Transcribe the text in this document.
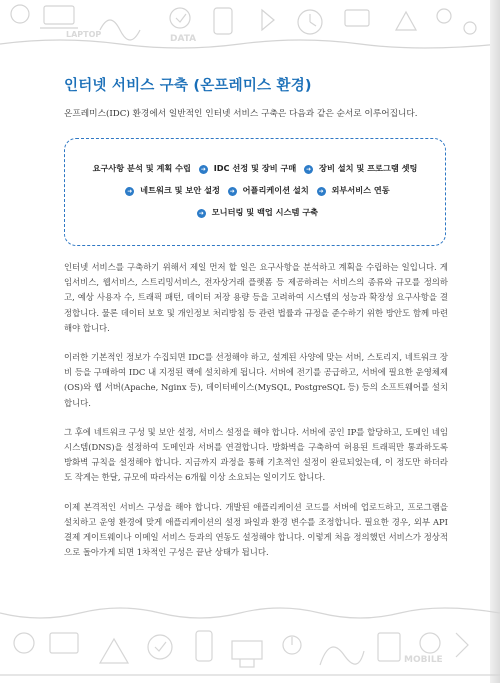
LAPTOP	DATA
인터넷 서비스 구축 (온프레미스 환경)

온프레미스(IDC) 환경에서 일반적인 인터넷 서비스 구축은 다음과 같은 순서로 이루어집니다.

요구사항 분석 및 계획 수립 ➜ IDC 선정 및 장비 구매 ➜ 장비 설치 및 프로그램 셋팅
➜ 네트워크 및 보안 설정 ➜ 어플리케이션 설치 ➜ 외부서비스 연동
➜ 모니터링 및 백업 시스템 구축

인터넷 서비스를 구축하기 위해서 제일 먼저 할 일은 요구사항을 분석하고 계획을 수립하는 일입니다. 게임서비스, 웹서비스, 스트리밍서비스, 전자상거래 플랫폼 등 제공하려는 서비스의 종류와 규모를 정의하고, 예상 사용자 수, 트래픽 패턴, 데이터 저장 용량 등을 고려하여 시스템의 성능과 확장성 요구사항을 결정합니다. 물론 데이터 보호 및 개인정보 처리방침 등 관련 법률과 규정을 준수하기 위한 방안도 함께 마련해야 합니다.

이러한 기본적인 정보가 수집되면 IDC를 선정해야 하고, 설계된 사양에 맞는 서버, 스토리지, 네트워크 장비 등을 구매하여 IDC 내 지정된 랙에 설치하게 됩니다. 서버에 전기를 공급하고, 서버에 필요한 운영체제(OS)와 웹 서버(Apache, Nginx 등), 데이터베이스(MySQL, PostgreSQL 등) 등의 소프트웨어를 설치합니다.

그 후에 네트워크 구성 및 보안 설정, 서비스 설정을 해야 합니다. 서버에 공인 IP를 할당하고, 도메인 네임 시스템(DNS)을 설정하여 도메인과 서버를 연결합니다. 방화벽을 구축하여 허용된 트래픽만 통과하도록 방화벽 규칙을 설정해야 합니다. 지금까지 과정을 통해 기초적인 설정이 완료되었는데, 이 정도만 하더라도 작게는 한달, 규모에 따라서는 6개월 이상 소요되는 일이기도 합니다.

이제 본격적인 서비스 구성을 해야 합니다. 개발된 애플리케이션 코드를 서버에 업로드하고, 프로그램을 설치하고 운영 환경에 맞게 애플리케이션의 설정 파일과 환경 변수를 조정합니다. 필요한 경우, 외부 API 결제 게이트웨이나 이메일 서비스 등과의 연동도 설정해야 합니다. 이렇게 처음 정의했던 서비스가 정상적으로 돌아가게 되면 1차적인 구성은 끝난 상태가 됩니다.

MOBILE
